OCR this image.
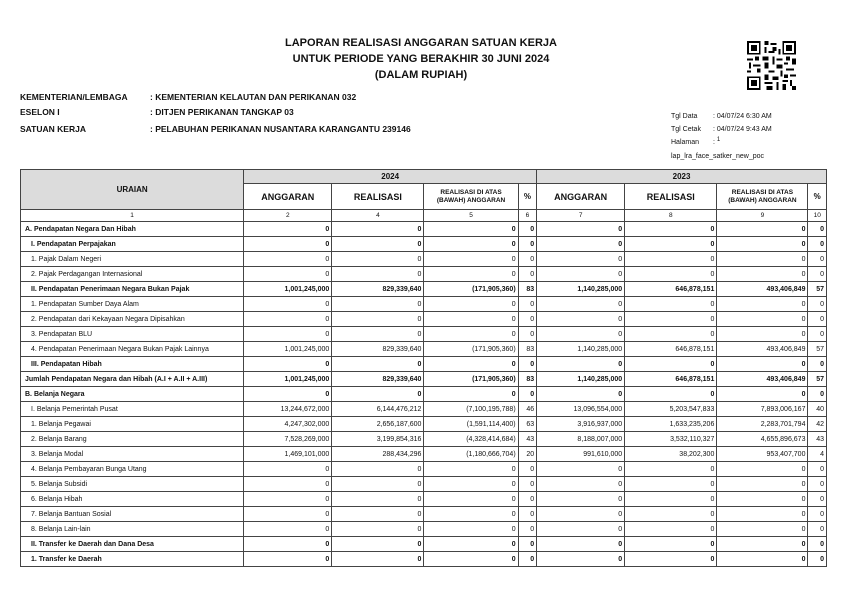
LAPORAN REALISASI ANGGARAN SATUAN KERJA
UNTUK PERIODE YANG BERAKHIR 30 JUNI 2024
(DALAM RUPIAH)
KEMENTERIAN/LEMBAGA	: KEMENTERIAN KELAUTAN DAN PERIKANAN 032
ESELON I	: DITJEN PERIKANAN TANGKAP 03
SATUAN KERJA	: PELABUHAN PERIKANAN NUSANTARA KARANGANTU 239146
Tgl Data : 04/07/24 6:30 AM
Tgl Cetak : 04/07/24 9:43 AM
Halaman : 1
lap_lra_face_satker_new_poc
URAIAN	2024				2023			
	ANGGARAN	REALISASI	REALISASI DI ATAS (BAWAH) ANGGARAN	%	ANGGARAN	REALISASI	REALISASI DI ATAS (BAWAH) ANGGARAN	%
1	2	4	5	6	7	8	9	10
A. Pendapatan Negara Dan Hibah	0	0	0	0	0	0	0	0
I. Pendapatan Perpajakan	0	0	0	0	0	0	0	0
1. Pajak Dalam Negeri	0	0	0	0	0	0	0	0
2. Pajak Perdagangan Internasional	0	0	0	0	0	0	0	0
II. Pendapatan Penerimaan Negara Bukan Pajak	1,001,245,000	829,339,640	(171,905,360)	83	1,140,285,000	646,878,151	493,406,849	57
1. Pendapatan Sumber Daya Alam	0	0	0	0	0	0	0	0
2. Pendapatan dari Kekayaan Negara Dipisahkan	0	0	0	0	0	0	0	0
3. Pendapatan BLU	0	0	0	0	0	0	0	0
4. Pendapatan Penerimaan Negara Bukan Pajak Lainnya	1,001,245,000	829,339,640	(171,905,360)	83	1,140,285,000	646,878,151	493,406,849	57
III. Pendapatan Hibah	0	0	0	0	0	0	0	0
Jumlah Pendapatan Negara dan Hibah (A.I + A.II + A.III)	1,001,245,000	829,339,640	(171,905,360)	83	1,140,285,000	646,878,151	493,406,849	57
B. Belanja Negara	0	0	0	0	0	0	0	0
I. Belanja Pemerintah Pusat	13,244,672,000	6,144,476,212	(7,100,195,788)	46	13,096,554,000	5,203,547,833	7,893,006,167	40
1. Belanja Pegawai	4,247,302,000	2,656,187,600	(1,591,114,400)	63	3,916,937,000	1,633,235,206	2,283,701,794	42
2. Belanja Barang	7,528,269,000	3,199,854,316	(4,328,414,684)	43	8,188,007,000	3,532,110,327	4,655,896,673	43
3. Belanja Modal	1,469,101,000	288,434,296	(1,180,666,704)	20	991,610,000	38,202,300	953,407,700	4
4. Belanja Pembayaran Bunga Utang	0	0	0	0	0	0	0	0
5. Belanja Subsidi	0	0	0	0	0	0	0	0
6. Belanja Hibah	0	0	0	0	0	0	0	0
7. Belanja Bantuan Sosial	0	0	0	0	0	0	0	0
8. Belanja Lain-lain	0	0	0	0	0	0	0	0
II. Transfer ke Daerah dan Dana Desa	0	0	0	0	0	0	0	0
1. Transfer ke Daerah	0	0	0	0	0	0	0	0
